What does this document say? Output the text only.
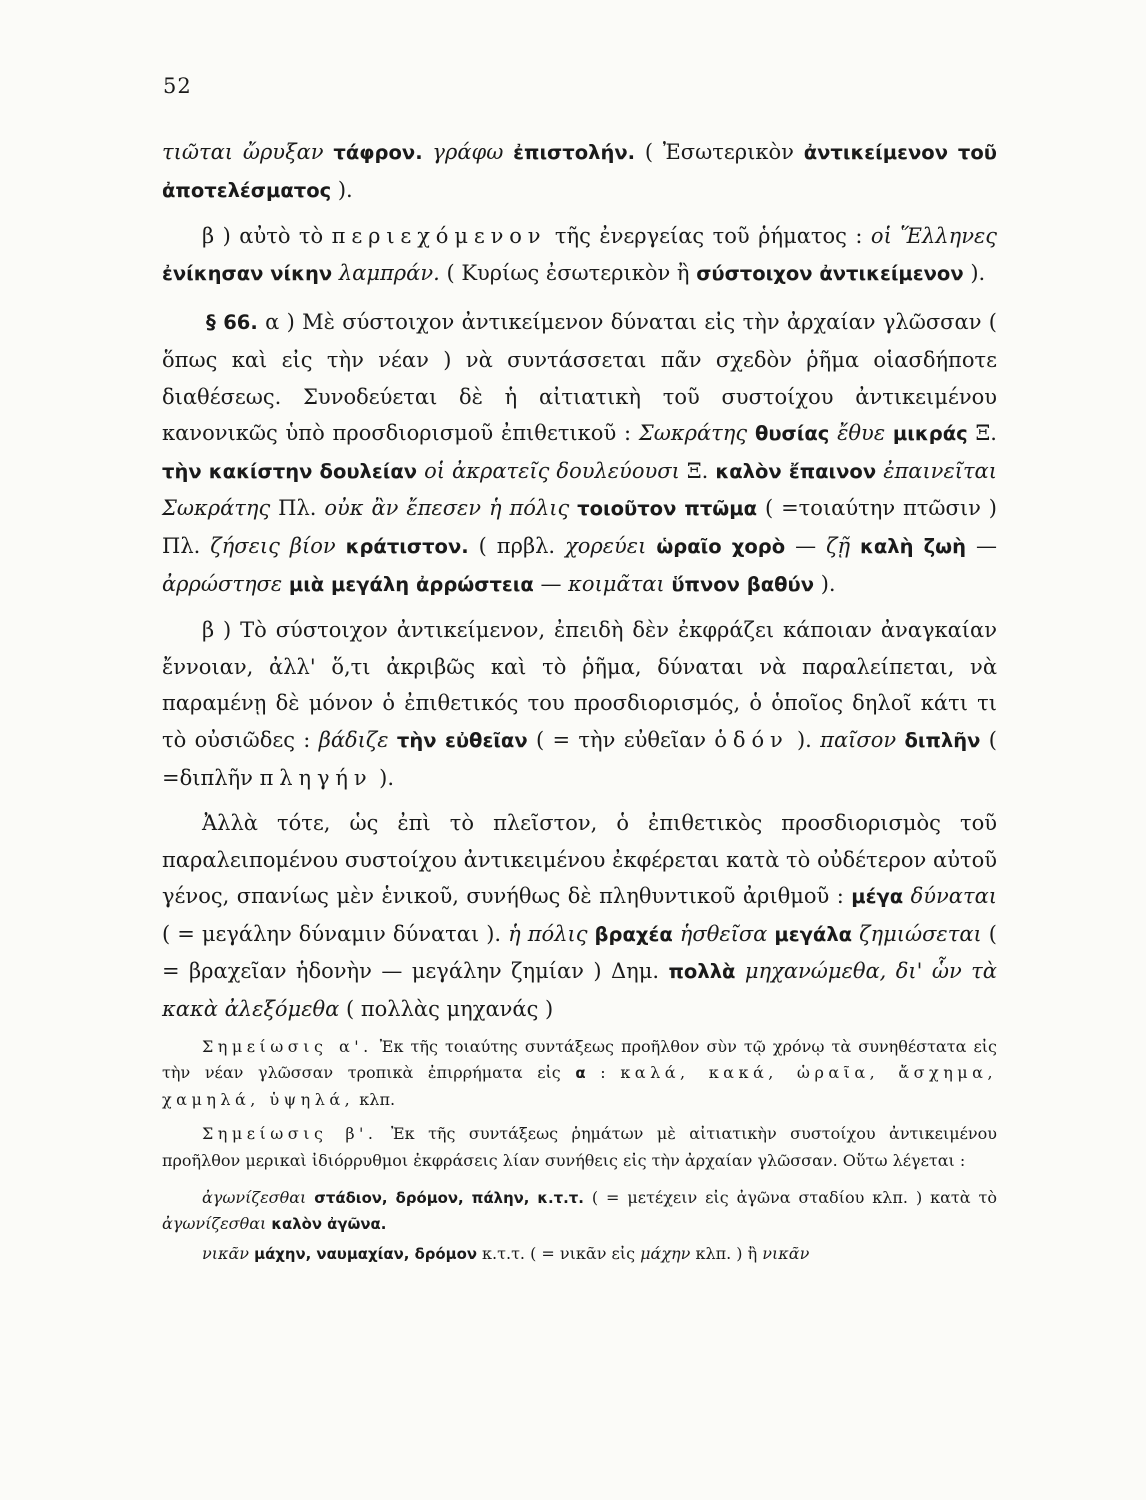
52

τιῶται ὤρυξαν τάφρον. γράφω ἐπιστολήν. ( Ἐσωτερικὸν ἀντικείμενον τοῦ ἀποτελέσματος ).

β ) αὐτὸ τὸ περιεχόμενον τῆς ἐνεργείας τοῦ ῥήματος : οἱ Ἕλληνες ἐνίκησαν νίκην λαμπράν. ( Κυρίως ἐσωτερικὸν ἢ σύστοιχον ἀντικείμενον ).

§ 66. α ) Μὲ σύστοιχον ἀντικείμενον δύναται εἰς τὴν ἀρχαίαν γλῶσσαν ( ὅπως καὶ εἰς τὴν νέαν ) νὰ συντάσσεται πᾶν σχεδὸν ῥῆμα οἱασδήποτε διαθέσεως. Συνοδεύεται δὲ ἡ αἰτιατικὴ τοῦ συστοίχου ἀντικειμένου κανονικῶς ὑπὸ προσδιορισμοῦ ἐπιθετικοῦ : Σωκράτης θυσίας ἔθυε μικράς Ξ. τὴν κακίστην δουλείαν οἱ ἀκρατεῖς δουλεύουσι Ξ. καλὸν ἔπαινον ἐπαινεῖται Σωκράτης Πλ. οὐκ ἂν ἔπεσεν ἡ πόλις τοιοῦτον πτῶμα ( =τοιαύτην πτῶσιν ) Πλ. ζήσεις βίον κράτιστον. ( πρβλ. χορεύει ὡραῖο χορὸ — ζῇ καλὴ ζωὴ — ἀρρώστησε μιὰ μεγάλη ἀρρώστεια — κοιμᾶται ὕπνον βαθύν ).

β ) Τὸ σύστοιχον ἀντικείμενον, ἐπειδὴ δὲν ἐκφράζει κάποιαν ἀναγκαίαν ἔννοιαν, ἀλλ' ὅ,τι ἀκριβῶς καὶ τὸ ῥῆμα, δύναται νὰ παραλείπεται, νὰ παραμένῃ δὲ μόνον ὁ ἐπιθετικός του προσδιορισμός, ὁ ὁποῖος δηλοῖ κάτι τι τὸ οὐσιῶδες : βάδιζε τὴν εὐθεῖαν ( = τὴν εὐθεῖαν ὁδόν ). παῖσον διπλῆν ( =διπλῆν πληγήν ).

Ἀλλὰ τότε, ὡς ἐπὶ τὸ πλεῖστον, ὁ ἐπιθετικὸς προσδιορισμὸς τοῦ παραλειπομένου συστοίχου ἀντικειμένου ἐκφέρεται κατὰ τὸ οὐδέτερον αὐτοῦ γένος, σπανίως μὲν ἑνικοῦ, συνήθως δὲ πληθυντικοῦ ἀριθμοῦ : μέγα δύναται ( = μεγάλην δύναμιν δύναται ). ἡ πόλις βραχέα ἡσθεῖσα μεγάλα ζημιώσεται ( = βραχεῖαν ἡδονὴν — μεγάλην ζημίαν ) Δημ. πολλὰ μηχανώμεθα, δι' ὧν τὰ κακὰ ἀλεξόμεθα ( πολλὰς μηχανάς )

Σημείωσις α'. Ἐκ τῆς τοιαύτης συντάξεως προῆλθον σὺν τῷ χρόνῳ τὰ συνηθέστατα εἰς τὴν νέαν γλῶσσαν τροπικὰ ἐπιρρήματα εἰς α : καλά, κακά, ὡραῖα, ἄσχημα, χαμηλά, ὑψηλά, κλπ.

Σημείωσις β'. Ἐκ τῆς συντάξεως ῥημάτων μὲ αἰτιατικὴν συστοίχου ἀντικειμένου προῆλθον μερικαὶ ἰδιόρρυθμοι ἐκφράσεις λίαν συνήθεις εἰς τὴν ἀρχαίαν γλῶσσαν. Οὕτω λέγεται :

ἀγωνίζεσθαι στάδιον, δρόμον, πάλην, κ.τ.τ. ( = μετέχειν εἰς ἀγῶνα σταδίου κλπ. ) κατὰ τὸ ἀγωνίζεσθαι καλὸν ἀγῶνα.

νικᾶν μάχην, ναυμαχίαν, δρόμον κ.τ.τ. ( = νικᾶν εἰς μάχην κλπ. ) ἢ νικᾶν
